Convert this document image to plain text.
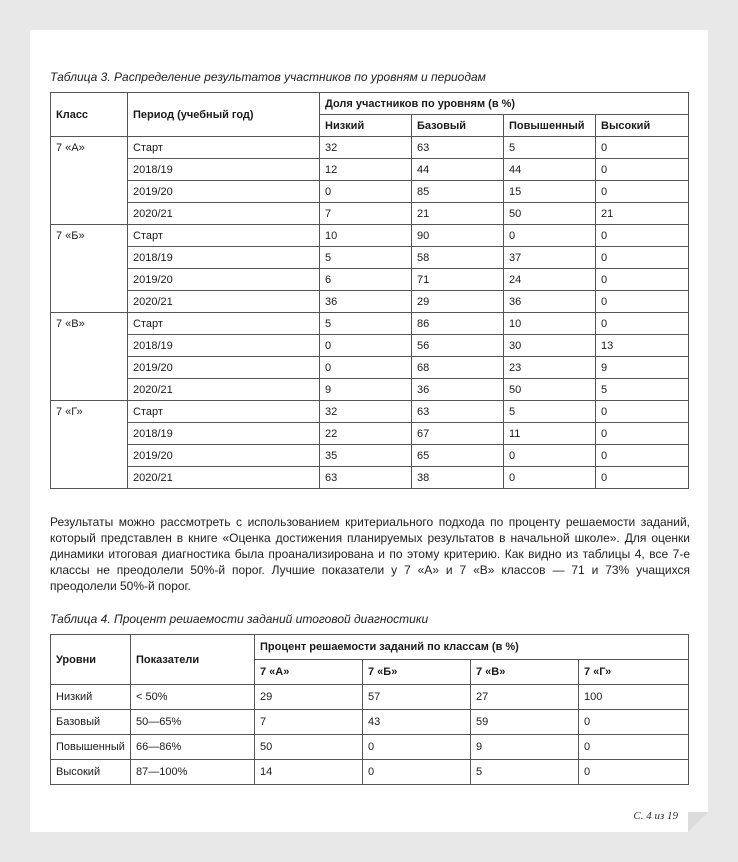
Таблица 3. Распределение результатов участников по уровням и периодам
Класс	Период (учебный год)	Доля участников по уровням (в %)			
		Низкий	Базовый	Повышенный	Высокий
7 «А»	Старт	32	63	5	0
	2018/19	12	44	44	0
	2019/20	0	85	15	0
	2020/21	7	21	50	21
7 «Б»	Старт	10	90	0	0
	2018/19	5	58	37	0
	2019/20	6	71	24	0
	2020/21	36	29	36	0
7 «В»	Старт	5	86	10	0
	2018/19	0	56	30	13
	2019/20	0	68	23	9
	2020/21	9	36	50	5
7 «Г»	Старт	32	63	5	0
	2018/19	22	67	11	0
	2019/20	35	65	0	0
	2020/21	63	38	0	0
Результаты можно рассмотреть с использованием критериального подхода по проценту решаемости заданий, который представлен в книге «Оценка достижения планируемых результатов в начальной школе». Для оценки динамики итоговая диагностика была проанализирована и по этому критерию. Как видно из таблицы 4, все 7-е классы не преодолели 50%-й порог. Лучшие показатели у 7 «А» и 7 «В» классов — 71 и 73% учащихся преодолели 50%-й порог.
Таблица 4. Процент решаемости заданий итоговой диагностики
Уровни	Показатели	Процент решаемости заданий по классам (в %)			
		7 «А»	7 «Б»	7 «В»	7 «Г»
Низкий	< 50%	29	57	27	100
Базовый	50—65%	7	43	59	0
Повышенный	66—86%	50	0	9	0
Высокий	87—100%	14	0	5	0
С. 4 из 19
